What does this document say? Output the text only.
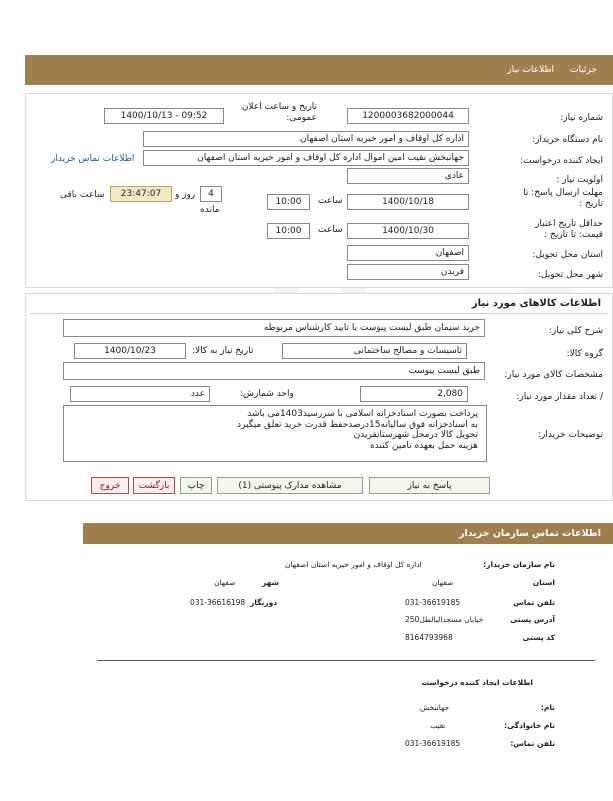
جزئیات
اطلاعات نیاز
شماره نیاز:
1200003682000044
تاریخ و ساعت اعلان عمومی:
1400/10/13 - 09:52
نام دستگاه خریدار:
اداره کل اوقاف و امور خیریه استان اصفهان
ایجاد کننده درخواست:
جهانبخش نقیب امین اموال اداره کل اوقاف و امور خیریه استان اصفهان
اطلاعات تماس خریدار
اولویت نیاز :
عادی
مهلت ارسال پاسخ: تا تاریخ :
1400/10/18
ساعت
10:00
4
روز و
23:47:07
ساعت باقی
مانده
حداقل تاریخ اعتبار قیمت: تا تاریخ :
1400/10/30
ساعت
10:00
استان محل تحویل:
اصفهان
شهر محل تحویل:
فریدن
اطلاعات کالاهای مورد نیاز
شرح کلی نیاز:
خرید سیمان طبق لیست پیوست با تایید کارشناس مربوطه
گروه کالا:
تاسیسات و مصالح ساختمانی
تاریخ نیاز به کالا:
1400/10/23
مشخصات کالای مورد نیاز:
طبق لیست پیوست
/ تعداد مقدار مورد نیاز:
2,080
واحد شمارش:
عدد
توضیحات خریدار:
پرداخت بصورت اسنادخزانه اسلامی با سررسید1403می باشد
به اسنادخزانه فوق سالیانه15درصدحفظ قدرت خرید تعلق میگیرد
تحویل کالا درمحل شهرستانفریدن
هزینه حمل بعهده تامین کننده
پاسخ به نیاز
مشاهده مدارک پیوستی (1)
چاپ
بازگشت
خروج
اطلاعات تماس سازمان خریدار
نام سازمان خریدار:
اداره کل اوقاف و امور خیریه استان اصفهان
استان
صفهان
شهر
صفهان
تلفن تماس
031-36619185
دورنگار
031-36616198
آدرس پستی
خیابان مسجدالیالطل250
کد پستی
8164793968
اطلاعات ایجاد کننده درخواست
نام:
جهانبخش
نام خانوادگی:
نقیب
تلفن تماس:
031-36619185
